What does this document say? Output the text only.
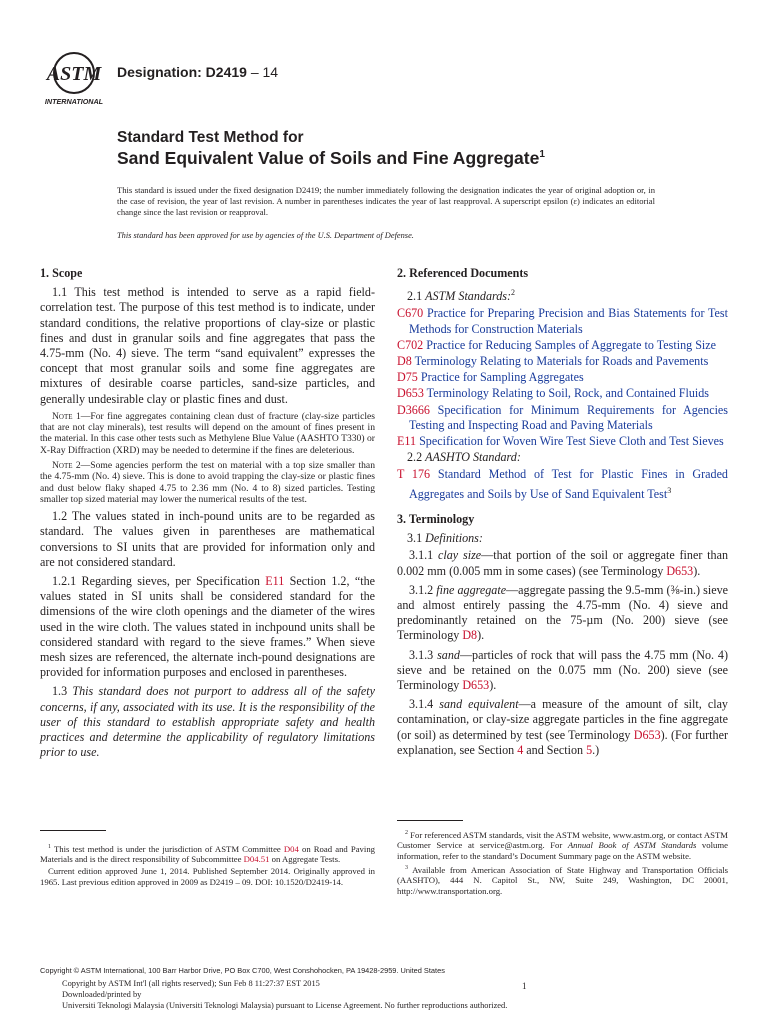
ASTM
INTERNATIONAL
Designation: D2419 – 14
Standard Test Method for
Sand Equivalent Value of Soils and Fine Aggregate$^1$
This standard is issued under the fixed designation D2419; the number immediately following the designation indicates the year of original adoption or, in the case of revision, the year of last revision. A number in parentheses indicates the year of last reapproval. A superscript epsilon (ε) indicates an editorial change since the last revision or reapproval.
This standard has been approved for use by agencies of the U.S. Department of Defense.
1. Scope

1.1 This test method is intended to serve as a rapid field-correlation test. The purpose of this test method is to indicate, under standard conditions, the relative proportions of clay-size or plastic fines and dust in granular soils and fine aggregates that pass the 4.75-mm (No. 4) sieve. The term “sand equivalent” expresses the concept that most granular soils and some fine aggregates are mixtures of desirable coarse particles, sand-size particles, and generally undesirable clay or plastic fines and dust.

Note 1—For fine aggregates containing clean dust of fracture (clay-size particles that are not clay minerals), test results will depend on the amount of fines present in the material. In this case other tests such as Methylene Blue Value (AASHTO T330) or X-Ray Diffraction (XRD) may be needed to determine if the fines are deleterious.
Note 2—Some agencies perform the test on material with a top size smaller than the 4.75-mm (No. 4) sieve. This is done to avoid trapping the clay-size or plastic fines and dust below flaky shaped 4.75 to 2.36 mm (No. 4 to 8) sized particles. Testing smaller top sized material may lower the numerical results of the test.

1.2 The values stated in inch-pound units are to be regarded as standard. The values given in parentheses are mathematical conversions to SI units that are provided for information only and are not considered standard.

1.2.1 Regarding sieves, per Specification E11 Section 1.2, “the values stated in SI units shall be considered standard for the dimensions of the wire cloth openings and the diameter of the wires used in the wire cloth. The values stated in inchpound units shall be considered standard with regard to the sieve frames.” When sieve mesh sizes are referenced, the alternate inch-pound designations are provided for information purposes and enclosed in parentheses.

1.3 This standard does not purport to address all of the safety concerns, if any, associated with its use. It is the responsibility of the user of this standard to establish appropriate safety and health practices and determine the applicability of regulatory limitations prior to use.

2. Referenced Documents
2.1 ASTM Standards:$^2$
C670 Practice for Preparing Precision and Bias Statements for Test Methods for Construction Materials
C702 Practice for Reducing Samples of Aggregate to Testing Size
D8 Terminology Relating to Materials for Roads and Pavements
D75 Practice for Sampling Aggregates
D653 Terminology Relating to Soil, Rock, and Contained Fluids
D3666 Specification for Minimum Requirements for Agencies Testing and Inspecting Road and Paving Materials
E11 Specification for Woven Wire Test Sieve Cloth and Test Sieves
2.2 AASHTO Standard:
T 176 Standard Method of Test for Plastic Fines in Graded Aggregates and Soils by Use of Sand Equivalent Test$^3$
3. Terminology
3.1 Definitions:

3.1.1 clay size—that portion of the soil or aggregate finer than 0.002 mm (0.005 mm in some cases) (see Terminology D653).

3.1.2 fine aggregate—aggregate passing the 9.5-mm (⅜-in.) sieve and almost entirely passing the 4.75-mm (No. 4) sieve and predominantly retained on the 75-µm (No. 200) sieve (see Terminology D8).

3.1.3 sand—particles of rock that will pass the 4.75 mm (No. 4) sieve and be retained on the 0.075 mm (No. 200) sieve (see Terminology D653).

3.1.4 sand equivalent—a measure of the amount of silt, clay contamination, or clay-size aggregate particles in the fine aggregate (or soil) as determined by test (see Terminology D653). (For further explanation, see Section 4 and Section 5.)

$^1$ This test method is under the jurisdiction of ASTM Committee D04 on Road and Paving Materials and is the direct responsibility of Subcommittee D04.51 on Aggregate Tests.

Current edition approved June 1, 2014. Published September 2014. Originally approved in 1965. Last previous edition approved in 2009 as D2419 – 09. DOI: 10.1520/D2419-14.

$^2$ For referenced ASTM standards, visit the ASTM website, www.astm.org, or contact ASTM Customer Service at service@astm.org. For Annual Book of ASTM Standards volume information, refer to the standard’s Document Summary page on the ASTM website.

$^3$ Available from American Association of State Highway and Transportation Officials (AASHTO), 444 N. Capitol St., NW, Suite 249, Washington, DC 20001, http://www.transportation.org.

Copyright © ASTM International, 100 Barr Harbor Drive, PO Box C700, West Conshohocken, PA 19428-2959. United States
Copyright by ASTM Int'l (all rights reserved); Sun Feb 8 11:27:37 EST 2015
Downloaded/printed by
Universiti Teknologi Malaysia (Universiti Teknologi Malaysia) pursuant to License Agreement. No further reproductions authorized.
1
